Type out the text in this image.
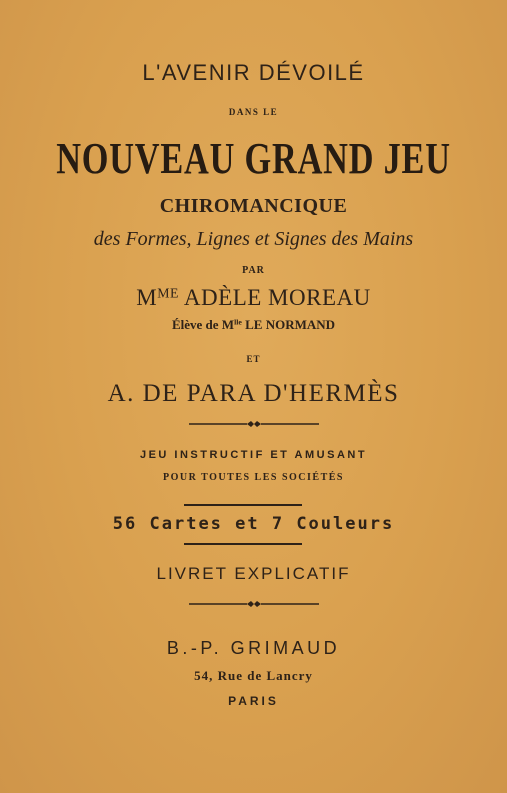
L'AVENIR DÉVOILÉ
DANS LE
NOUVEAU GRAND JEU
CHIROMANCIQUE
des Formes, Lignes et Signes des Mains
PAR
$M^{ME}$ ADÈLE MOREAU
Élève de $M^{lle}$ LE NORMAND
ET
A. DE PARA D'HERMÈS
JEU INSTRUCTIF ET AMUSANT
POUR TOUTES LES SOCIÉTÉS
56 Cartes et 7 Couleurs
LIVRET EXPLICATIF
B.-P. GRIMAUD
54, Rue de Lancry
PARIS
